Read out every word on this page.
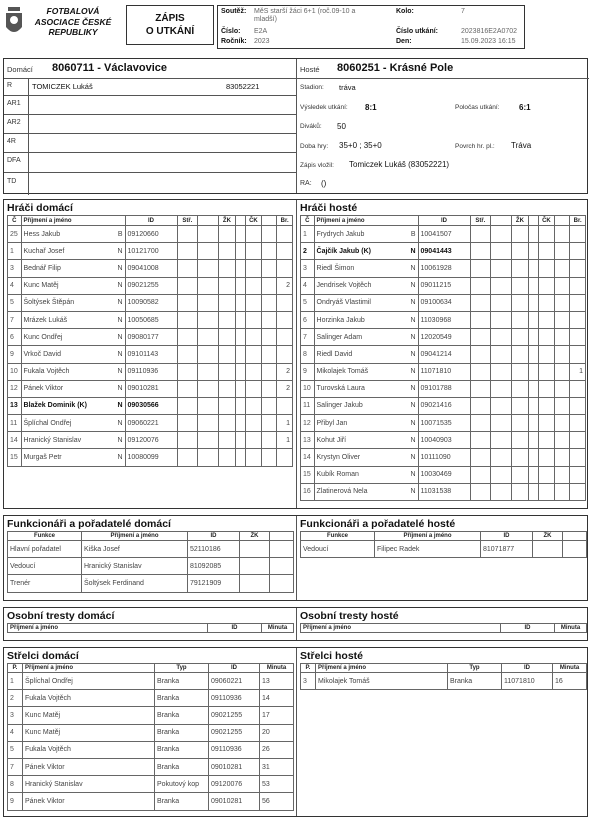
FOTBALOVÁ
ASOCIACE ČESKÉ
REPUBLIKY
ZÁPIS
O UTKÁNÍ
Soutěž: MěS starší žáci 6+1 (roč.09-10 a mladší)
Číslo: E2A
Ročník: 2023
Kolo:	7
Číslo utkání:	2023816E2A0702
Den:	15.09.2023 16:15
Domácí 8060711 - Václavovice
R	TOMICZEK Lukáš	83052221
AR1
AR2
4R
DFA
TD
Hosté 8060251 - Krásné Pole
Stadion: tráva
Výsledek utkání: 8:1	Poločas utkání: 6:1
Diváků: 50
Doba hry: 35+0 ; 35+0	Povrch hr. pl.: Tráva
Zápis vložil: Tomiczek Lukáš (83052221)
RA: ()
Hráči domácí
Č	Příjmení a jméno		ID	Stř.		ŽK		ČK		Br.
25	Hess Jakub	B	09120660							
1	Kuchař Josef	N	10121700							
3	Bednář Filip	N	09041008							
4	Kunc Matěj	N	09021255							2
5	Šoltýsek Štěpán	N	10090582							
7	Mrázek Lukáš	N	10050685							
6	Kunc Ondřej	N	09080177							
9	Vrkoč David	N	09101143							
10	Fukala Vojtěch	N	09110936							2
12	Pánek Viktor	N	09010281							2
13	Blažek Dominik (K)	N	09030566							
11	Šplíchal Ondřej	N	09060221							1
14	Hranický Stanislav	N	09120076							1
15	Murgaš Petr	N	10080099							
Hráči hosté
Č	Příjmení a jméno		ID	Stř.		ŽK		ČK		Br.
1	Frydrych Jakub	B	10041507							
2	Čajčík Jakub (K)	N	09041443							
3	Riedl Šimon	N	10061928							
4	Jendrisek Vojtěch	N	09011215							
5	Ondryáš Vlastimil	N	09100634							
6	Horzinka Jakub	N	11030968							
7	Salinger Adam	N	12020549							
8	Riedl David	N	09041214							
9	Mikolajek Tomáš	N	11071810							1
10	Turovská Laura	N	09101788							
11	Salinger Jakub	N	09021416							
12	Přibyl Jan	N	10071535							
13	Kohut Jiří	N	10040903							
14	Krystyn Oliver	N	10111090							
15	Kubík Roman	N	10030469							
16	Zlatinerová Nela	N	11031538							
Funkcionáři a pořadatelé domácí
Funkce	Příjmení a jméno	ID	ŽK	
Hlavní pořadatel	Kiška Josef	52110186		
Vedoucí	Hranický Stanislav	81092085		
Trenér	Šoltýsek Ferdinand	79121909		
Funkcionáři a pořadatelé hosté
Funkce	Příjmení a jméno	ID	ŽK	
Vedoucí	Filipec Radek	81071877		
Osobní tresty domácí
Příjmení a jméno	ID	Minuta
Osobní tresty hosté
Příjmení a jméno	ID	Minuta
Střelci domácí
P.	Příjmení a jméno	Typ	ID	Minuta
1	Šplíchal Ondřej	Branka	09060221	13
2	Fukala Vojtěch	Branka	09110936	14
3	Kunc Matěj	Branka	09021255	17
4	Kunc Matěj	Branka	09021255	20
5	Fukala Vojtěch	Branka	09110936	26
7	Pánek Viktor	Branka	09010281	31
8	Hranický Stanislav	Pokutový kop	09120076	53
9	Pánek Viktor	Branka	09010281	56
Střelci hosté
P.	Příjmení a jméno	Typ	ID	Minuta
3	Mikolajek Tomáš	Branka	11071810	16
